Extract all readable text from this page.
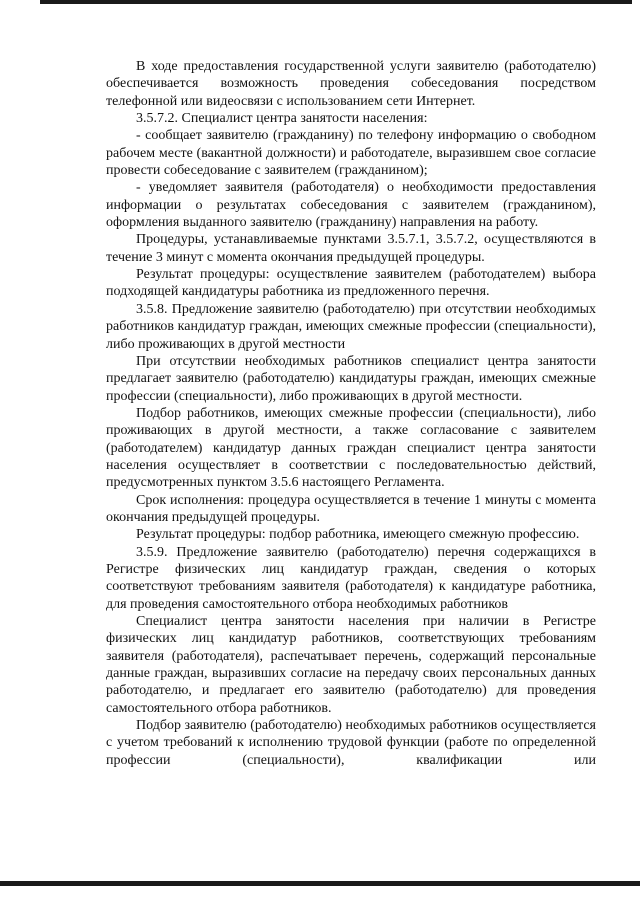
В ходе предоставления государственной услуги заявителю (работодателю) обеспечивается возможность проведения собеседования посредством телефонной или видеосвязи с использованием сети Интернет.

3.5.7.2. Специалист центра занятости населения:

- сообщает заявителю (гражданину) по телефону информацию о свободном рабочем месте (вакантной должности) и работодателе, выразившем свое согласие провести собеседование с заявителем (гражданином);

- уведомляет заявителя (работодателя) о необходимости предоставления информации о результатах собеседования с заявителем (гражданином), оформления выданного заявителю (гражданину) направления на работу.

Процедуры, устанавливаемые пунктами 3.5.7.1, 3.5.7.2, осуществляются в течение 3 минут с момента окончания предыдущей процедуры.

Результат процедуры: осуществление заявителем (работодателем) выбора подходящей кандидатуры работника из предложенного перечня.

3.5.8. Предложение заявителю (работодателю) при отсутствии необходимых работников кандидатур граждан, имеющих смежные профессии (специальности), либо проживающих в другой местности

При отсутствии необходимых работников специалист центра занятости предлагает заявителю (работодателю) кандидатуры граждан, имеющих смежные профессии (специальности), либо проживающих в другой местности.

Подбор работников, имеющих смежные профессии (специальности), либо проживающих в другой местности, а также согласование с заявителем (работодателем) кандидатур данных граждан специалист центра занятости населения осуществляет в соответствии с последовательностью действий, предусмотренных пунктом 3.5.6 настоящего Регламента.

Срок исполнения: процедура осуществляется в течение 1 минуты с момента окончания предыдущей процедуры.

Результат процедуры: подбор работника, имеющего смежную профессию.

3.5.9. Предложение заявителю (работодателю) перечня содержащихся в Регистре физических лиц кандидатур граждан, сведения о которых соответствуют требованиям заявителя (работодателя) к кандидатуре работника, для проведения самостоятельного отбора необходимых работников

Специалист центра занятости населения при наличии в Регистре физических лиц кандидатур работников, соответствующих требованиям заявителя (работодателя), распечатывает перечень, содержащий персональные данные граждан, выразивших согласие на передачу своих персональных данных работодателю, и предлагает его заявителю (работодателю) для проведения самостоятельного отбора работников.

Подбор заявителю (работодателю) необходимых работников осуществляется с учетом требований к исполнению трудовой функции (работе по определенной профессии (специальности), квалификации или
